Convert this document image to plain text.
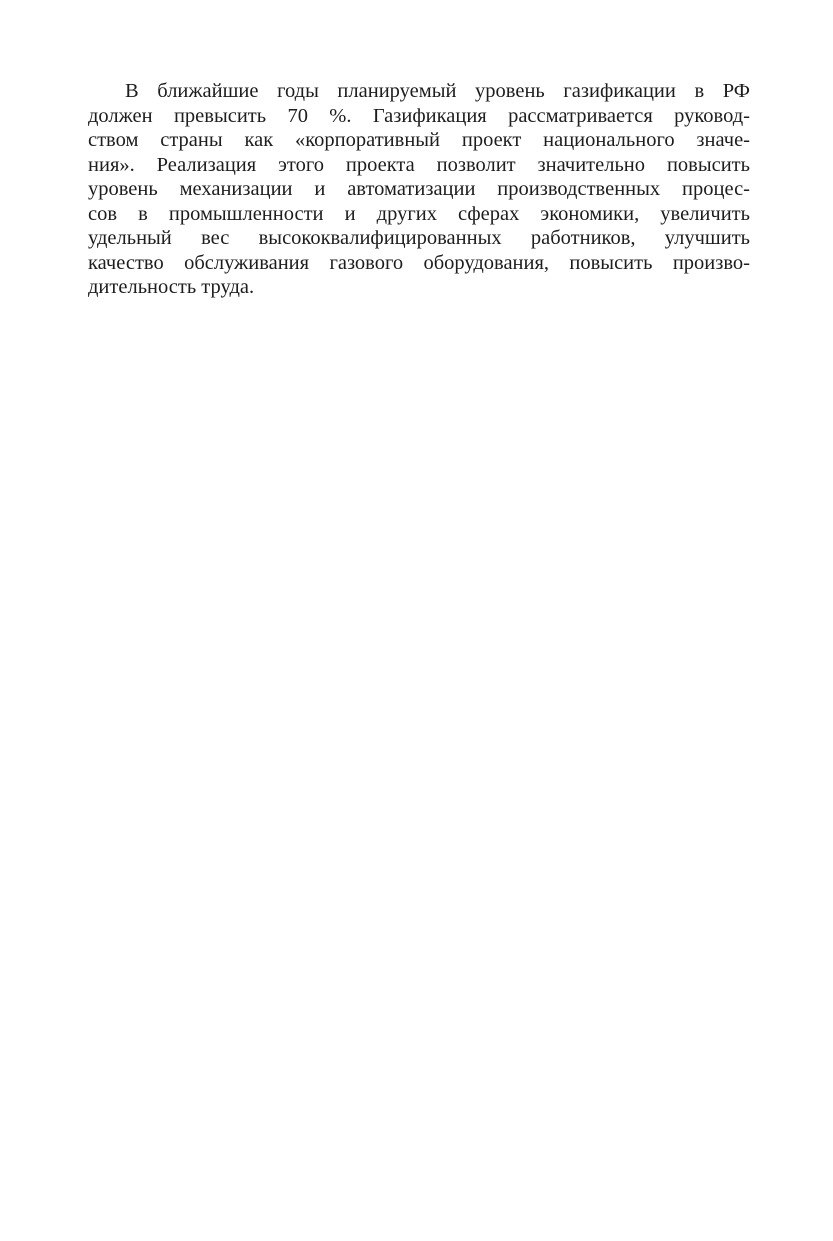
В ближайшие годы планируемый уровень газификации в РФ
должен превысить 70 %. Газификация рассматривается руковод-
ством страны как «корпоративный проект национального значе-
ния». Реализация этого проекта позволит значительно повысить
уровень механизации и автоматизации производственных процес-
сов в промышленности и других сферах экономики, увеличить
удельный вес высококвалифицированных работников, улучшить
качество обслуживания газового оборудования, повысить произво-
дительность труда.
